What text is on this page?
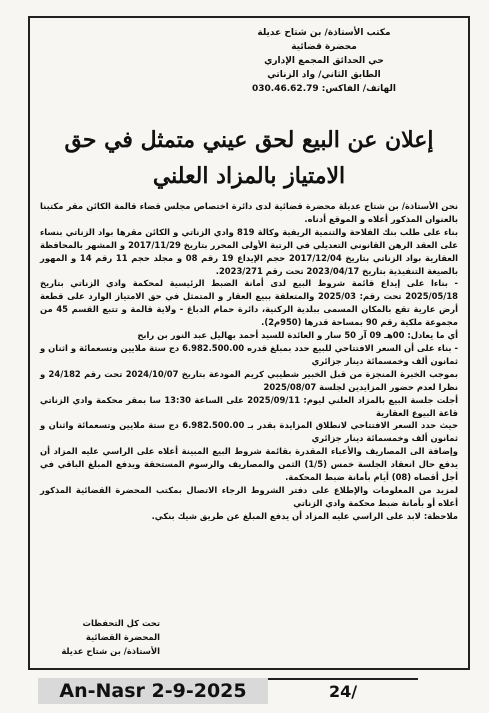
مكتب الأستاذة/ بن شتاح عديلة
محضرة قضائية
حي الحدائق المجمع الإداري
الطابق الثاني/ واد الزناتي
الهاتف/ الفاكس: 030.46.62.79
إعلان عن البيع لحق عيني متمثل في حق
الامتياز بالمزاد العلني

نحن الأستاذة/ بن شتاح عديلة محضرة قضائية لدى دائرة اختصاص مجلس قضاء قالمة الكائن مقر مكتبنا بالعنوان المذكور أعلاه و الموقع أدناه.

بناء على طلب بنك الفلاحة والتنمية الريفية وكالة 819 وادي الزناتي و الكائن مقرها بواد الزناتي بنساء على العقد الرهن القانوني التعديلي في الرتبة الأولى المحرر بتاريخ 2017/11/29 و المشهر بالمحافظة العقارية بواد الزناتي بتاريخ 2017/12/04 حجم الإيداع 19 رقم 08 و مجلد حجم 11 رقم 14 و المهور بالصيغة التنفيذية بتاريخ 2023/04/17 تحت رقم 2023/271.

- بناءا على إيداع قائمة شروط البيع لدى أمانة الضبط الرئيسية لمحكمة وادي الزناتي بتاريخ 2025/05/18 تحت رقم: 2025/03 والمتعلقة ببيع العقار و المتمثل في حق الامتياز الوارد على قطعة أرض عارية تقع بالمكان المسمى ببلدية الركنية، دائرة حمام الدباغ - ولاية قالمة و تتبع القسم 45 من مجموعة ملكية رقم 90 بمساحة قدرها (950م2).

أي ما يعادل: 00هـ 09 آر 50 سار و العائدة للسيد أحمد بهاليل عبد النور بن رابح

- بناء على أن السعر الافتتاحي للبيع حدد بمبلغ قدره 6.982.500.00 دج ستة ملايين وتسعمائة و اثنان و ثمانون ألف وخمسمائة دينار جزائري

بموجب الخبرة المنجزة من قبل الخبير شطيبي كريم المودعة بتاريخ 2024/10/07 تحت رقم 24/182 و نظرا لعدم حضور المزايدين لجلسة 2025/08/07

أجلت جلسة البيع بالمزاد العلني ليوم: 2025/09/11 على الساعة 13:30 سا بمقر محكمة وادي الزناتي قاعة البيوع العقارية

حيث حدد السعر الافتتاحي لانطلاق المزايدة بقدر بـ 6.982.500.00 دج ستة ملايين وتسعمائة واثنان و ثمانون ألف وخمسمائة دينار جزائري

وإضافة الى المصاريف والأعباء المقدرة بقائمة شروط البيع المبينة أعلاه على الراسي عليه المزاد أن يدفع حال انعقاد الجلسة خمس (1/5) الثمن والمصاريف والرسوم المستحقة ويدفع المبلغ الباقي في أجل أقصاه (08) أيام بأمانة ضبط المحكمة.

لمزيد من المعلومات والإطلاع على دفتر الشروط الرجاء الاتصال بمكتب المحضرة القضائية المذكور أعلاه أو بأمانة ضبط محكمة وادي الزناتي

ملاحظة: لابد على الراسي عليه المزاد أن يدفع المبلغ عن طريق شيك بنكي.

تحت كل التحفظات
المحضرة القضائية
الأستاذة/ بن شتاح عديلة
An-Nasr 2-9-2025	24/
